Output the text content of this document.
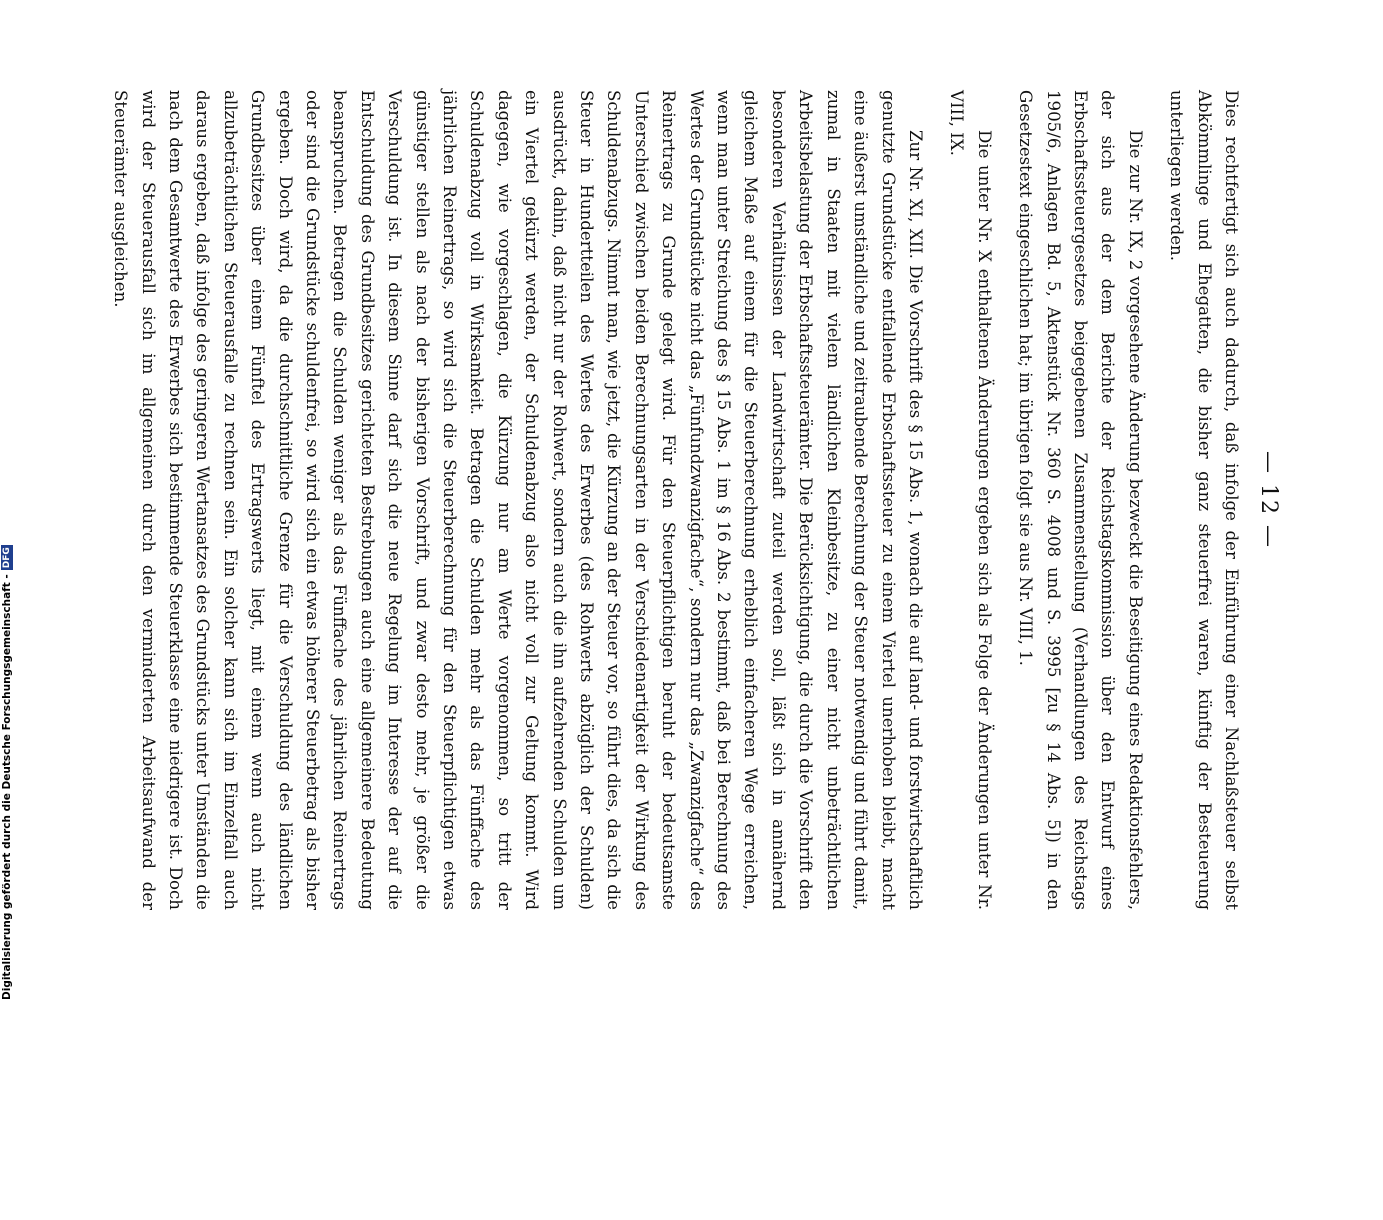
— 12 —

Dies rechtfertigt sich auch dadurch, daß infolge der Einführung einer Nachlaßsteuer selbst Abkömmlinge und Ehegatten, die bisher ganz steuerfrei waren, künftig der Besteuerung unterliegen werden.

Die zur Nr. IX, 2 vorgesehene Änderung bezweckt die Beseitigung eines Redaktionsfehlers, der sich aus der dem Berichte der Reichstagskommission über den Entwurf eines Erbschaftssteuergesetzes beigegebenen Zusammenstellung (Verhandlungen des Reichstags 1905/6, Anlagen Bd. 5, Aktenstück Nr. 360 S. 4008 und S. 3995 [zu § 14 Abs. 5]) in den Gesetzestext eingeschlichen hat; im übrigen folgt sie aus Nr. VIII, 1.

Die unter Nr. X enthaltenen Änderungen ergeben sich als Folge der Änderungen unter Nr. VIII, IX.

Zur Nr. XI, XII. Die Vorschrift des § 15 Abs. 1, wonach die auf land- und forstwirtschaftlich genutzte Grundstücke entfallende Erbschaftssteuer zu einem Viertel unerhoben bleibt, macht eine äußerst umständliche und zeitraubende Berechnung der Steuer notwendig und führt damit, zumal in Staaten mit vielem ländlichen Kleinbesitze, zu einer nicht unbeträchtlichen Arbeitsbelastung der Erbschaftssteuerämter. Die Berücksichtigung, die durch die Vorschrift den besonderen Verhältnissen der Landwirtschaft zuteil werden soll, läßt sich in annähernd gleichem Maße auf einem für die Steuerberechnung erheblich einfacheren Wege erreichen, wenn man unter Streichung des § 15 Abs. 1 im § 16 Abs. 2 bestimmt, daß bei Berechnung des Wertes der Grundstücke nicht das „Fünfundzwanzigfache“, sondern nur das „Zwanzigfache“ des Reinertrags zu Grunde gelegt wird. Für den Steuerpflichtigen beruht der bedeutsamste Unterschied zwischen beiden Berechnungsarten in der Verschiedenartigkeit der Wirkung des Schuldenabzugs. Nimmt man, wie jetzt, die Kürzung an der Steuer vor, so führt dies, da sich die Steuer in Hundertteilen des Wertes des Erwerbes (des Rohwerts abzüglich der Schulden) ausdrückt, dahin, daß nicht nur der Rohwert, sondern auch die ihn aufzehrenden Schulden um ein Viertel gekürzt werden, der Schuldenabzug also nicht voll zur Geltung kommt. Wird dagegen, wie vorgeschlagen, die Kürzung nur am Werte vorgenommen, so tritt der Schuldenabzug voll in Wirksamkeit. Betragen die Schulden mehr als das Fünffache des jährlichen Reinertrags, so wird sich die Steuerberechnung für den Steuerpflichtigen etwas günstiger stellen als nach der bisherigen Vorschrift, und zwar desto mehr, je größer die Verschuldung ist. In diesem Sinne darf sich die neue Regelung im Interesse der auf die Entschuldung des Grundbesitzes gerichteten Bestrebungen auch eine allgemeinere Bedeutung beanspruchen. Betragen die Schulden weniger als das Fünffache des jährlichen Reinertrags oder sind die Grundstücke schuldenfrei, so wird sich ein etwas höherer Steuerbetrag als bisher ergeben. Doch wird, da die durchschnittliche Grenze für die Verschuldung des ländlichen Grundbesitzes über einem Fünftel des Ertragswerts liegt, mit einem wenn auch nicht allzubeträchtlichen Steuerausfalle zu rechnen sein. Ein solcher kann sich im Einzelfall auch daraus ergeben, daß infolge des geringeren Wertansatzes des Grundstücks unter Umständen die nach dem Gesamtwerte des Erwerbes sich bestimmende Steuerklasse eine niedrigere ist. Doch wird der Steuerausfall sich im allgemeinen durch den verminderten Arbeitsaufwand der Steuerämter ausgleichen.

Digitalisierung gefördert durch die Deutsche Forschungsgemeinschaft -
DFG
